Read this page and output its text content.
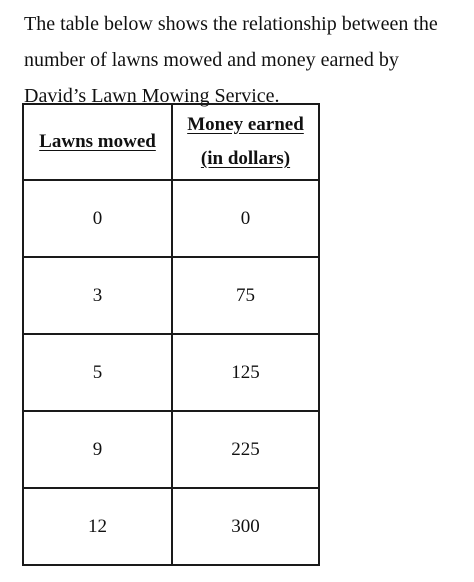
The table below shows the relationship between the
number of lawns mowed and money earned by
David’s Lawn Mowing Service.

Lawns mowed	Money earned
(in dollars)

0	0
3	75
5	125
9	225
12	300
